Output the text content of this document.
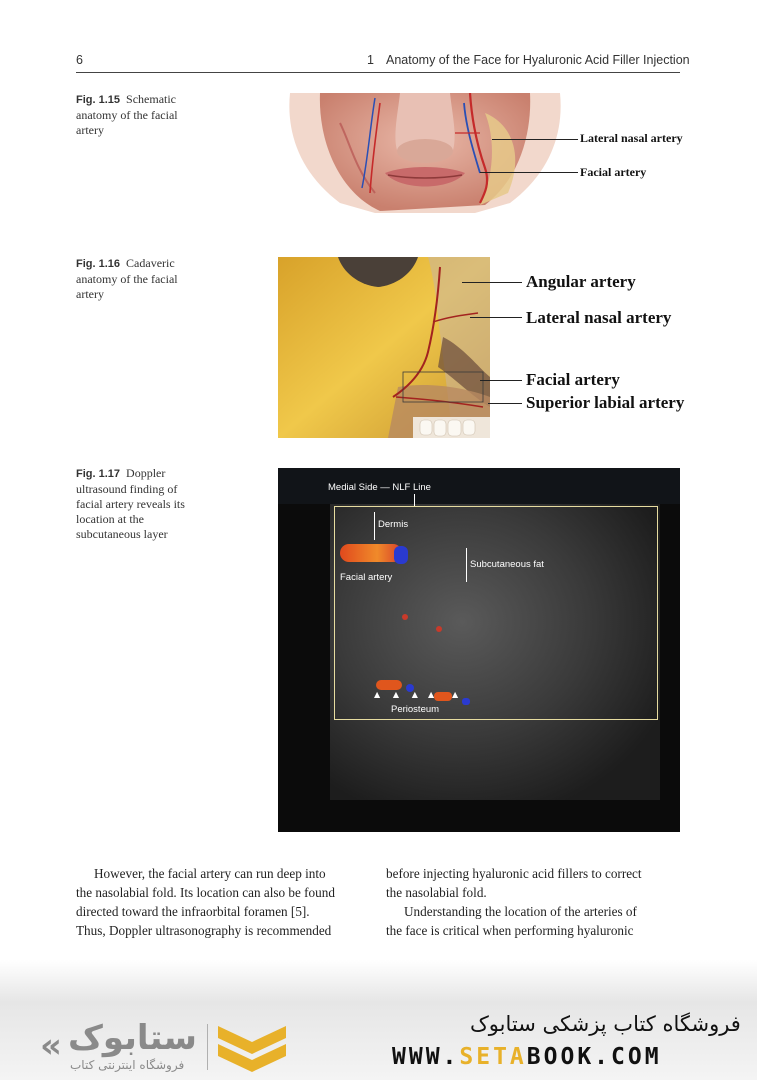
6	1 Anatomy of the Face for Hyaluronic Acid Filler Injection
Fig. 1.15 Schematic
anatomy of the facial
artery
Lateral nasal artery
Facial artery
Fig. 1.16 Cadaveric
anatomy of the facial
artery
Angular artery
Lateral nasal artery
Facial artery
Superior labial artery
Fig. 1.17 Doppler
ultrasound finding of
facial artery reveals its
location at the
subcutaneous layer
Medial Side — NLF Line
Dermis
Subcutaneous fat
Facial artery
Periosteum
▲     ▲     ▲    ▲       ▲
However, the facial artery can run deep into
the nasolabial fold. Its location can also be found
directed toward the infraorbital foramen [5].
Thus, Doppler ultrasonography is recommended
before injecting hyaluronic acid fillers to correct
the nasolabial fold.
Understanding the location of the arteries of
the face is critical when performing hyaluronic
« ستابوک
فروشگاه اینترنتی کتاب
فروشگاه کتاب پزشکی ستابوک
WWW.SETABOOK.COM
